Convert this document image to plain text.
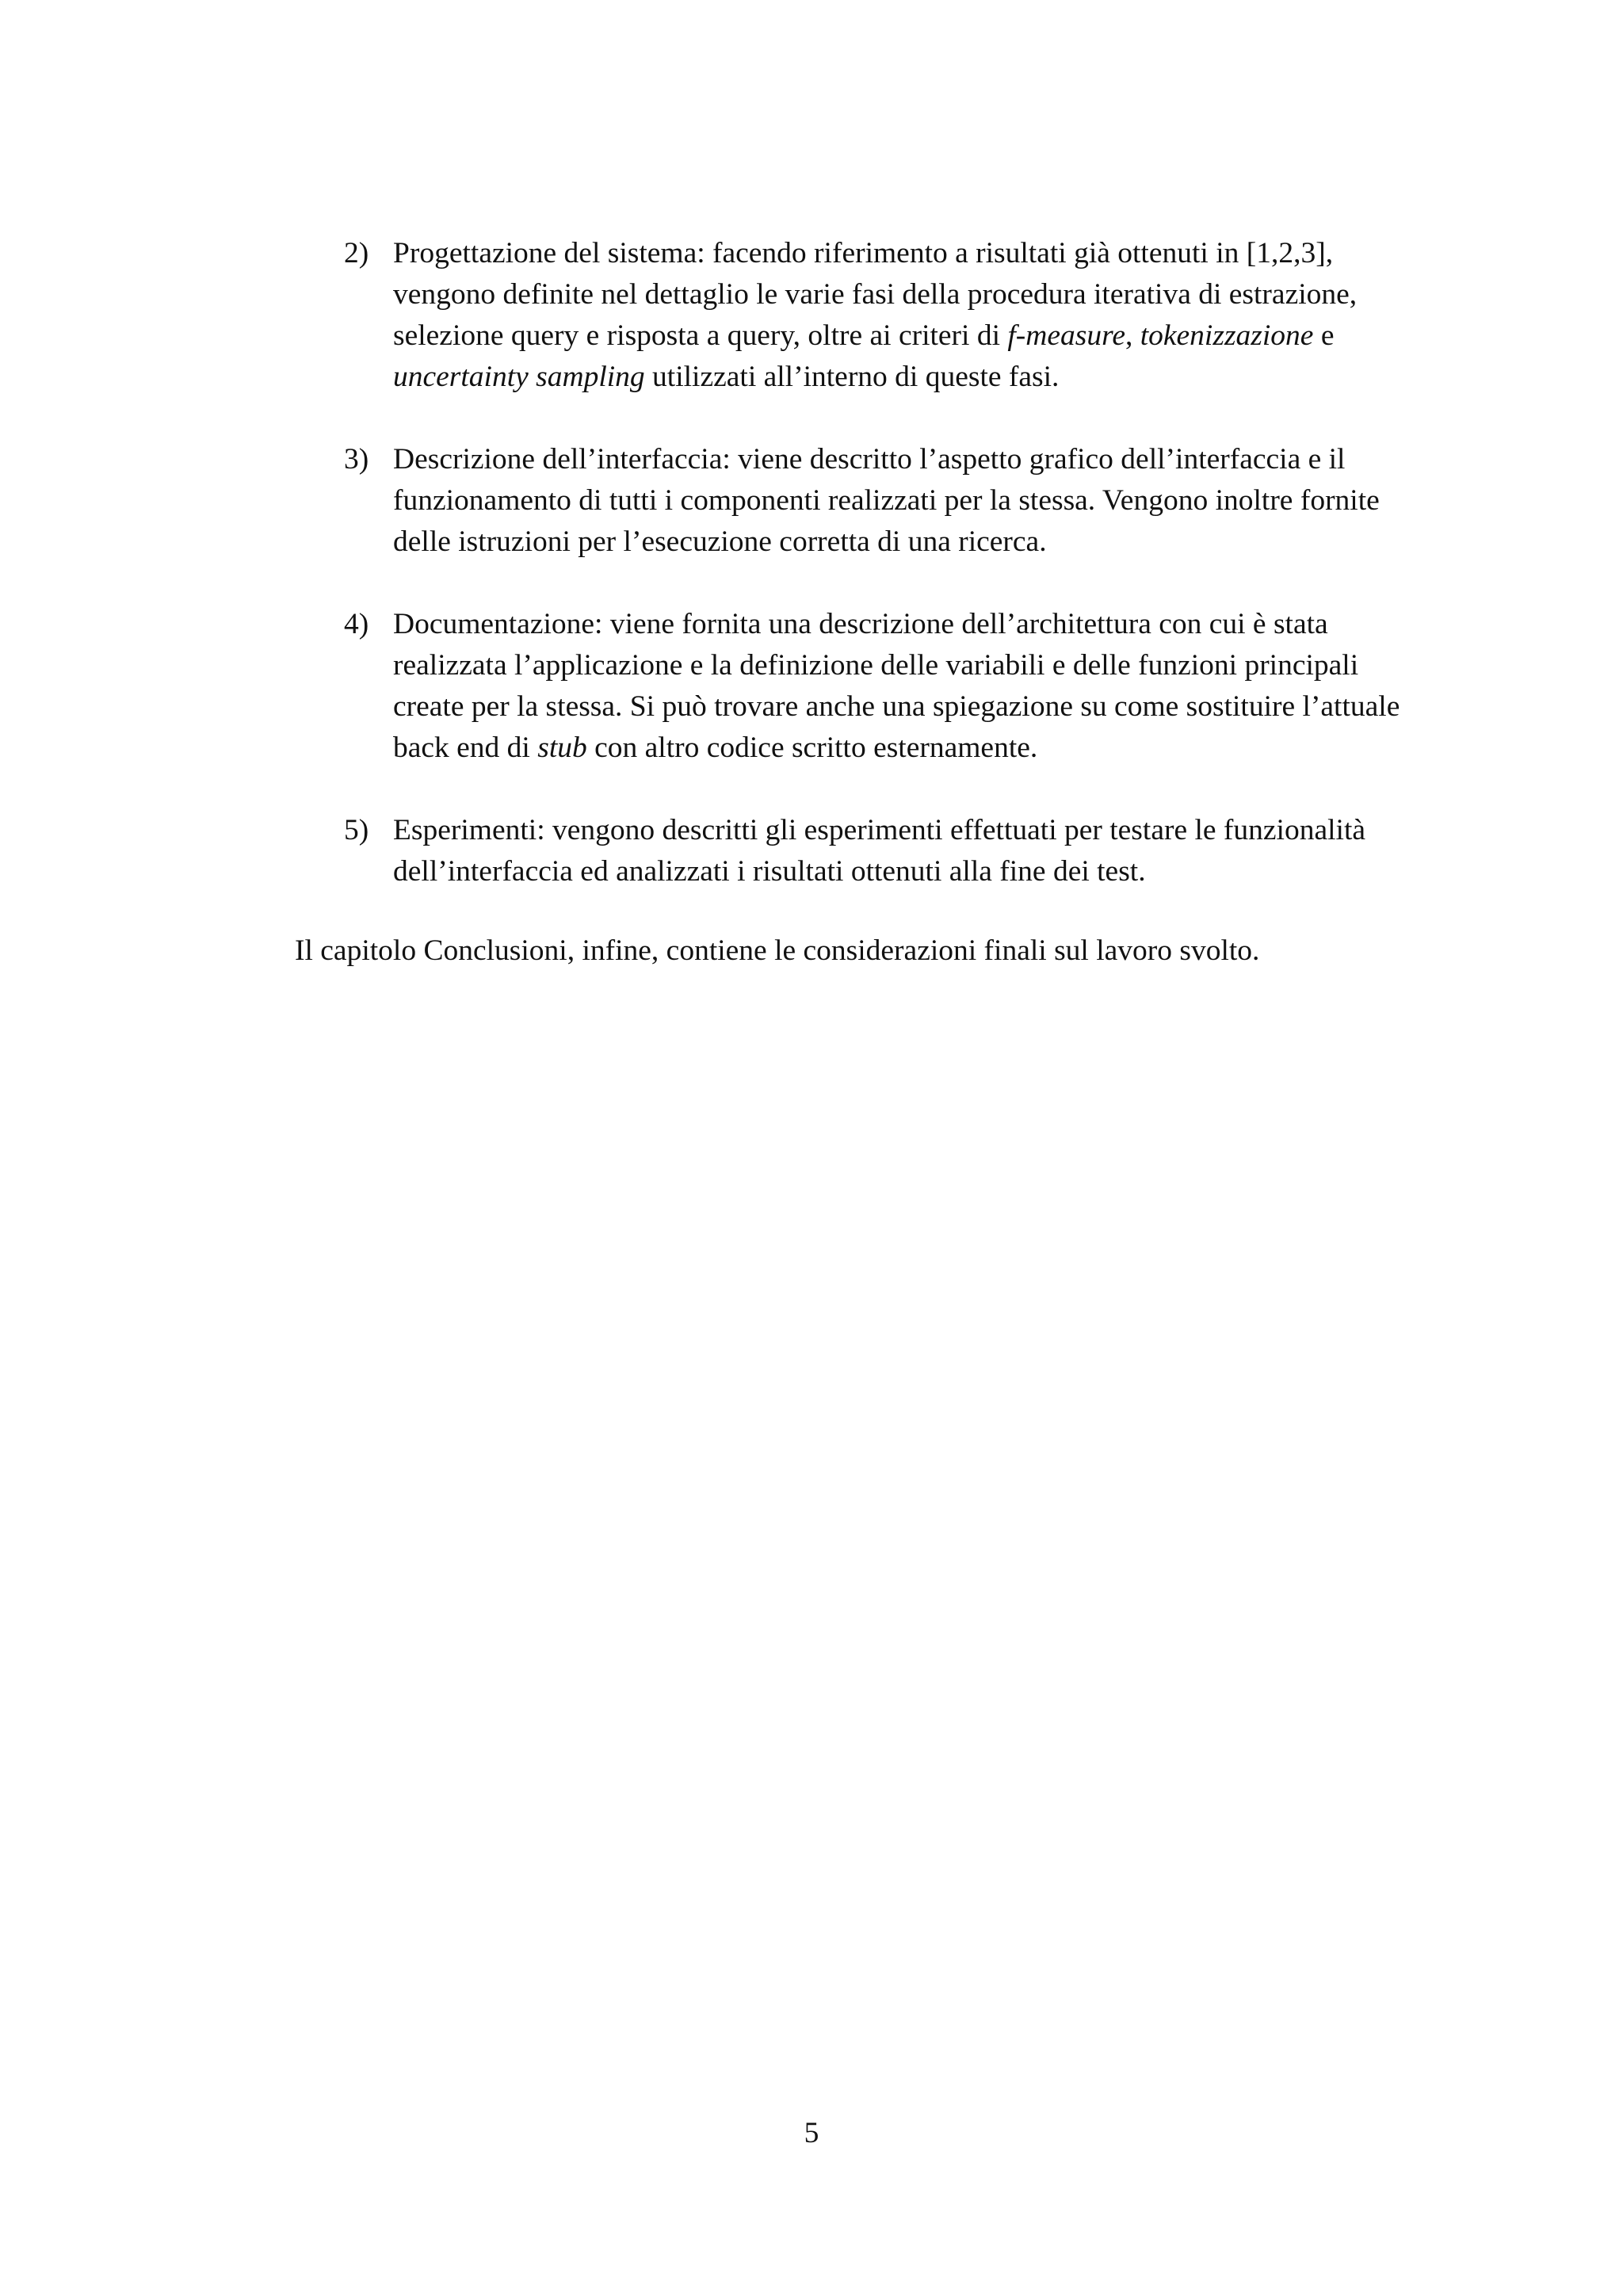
2) Progettazione del sistema: facendo riferimento a risultati già ottenuti in [1,2,3], vengono definite nel dettaglio le varie fasi della procedura iterativa di estrazione, selezione query e risposta a query, oltre ai criteri di f-measure, tokenizzazione e uncertainty sampling utilizzati all’interno di queste fasi.
3) Descrizione dell’interfaccia: viene descritto l’aspetto grafico dell’interfaccia e il funzionamento di tutti i componenti realizzati per la stessa. Vengono inoltre fornite delle istruzioni per l’esecuzione corretta di una ricerca.
4) Documentazione: viene fornita una descrizione dell’architettura con cui è stata realizzata l’applicazione e la definizione delle variabili e delle funzioni principali create per la stessa. Si può trovare anche una spiegazione su come sostituire l’attuale back end di stub con altro codice scritto esternamente.
5) Esperimenti: vengono descritti gli esperimenti effettuati per testare le funzionalità dell’interfaccia ed analizzati i risultati ottenuti alla fine dei test.

Il capitolo Conclusioni, infine, contiene le considerazioni finali sul lavoro svolto.

5
